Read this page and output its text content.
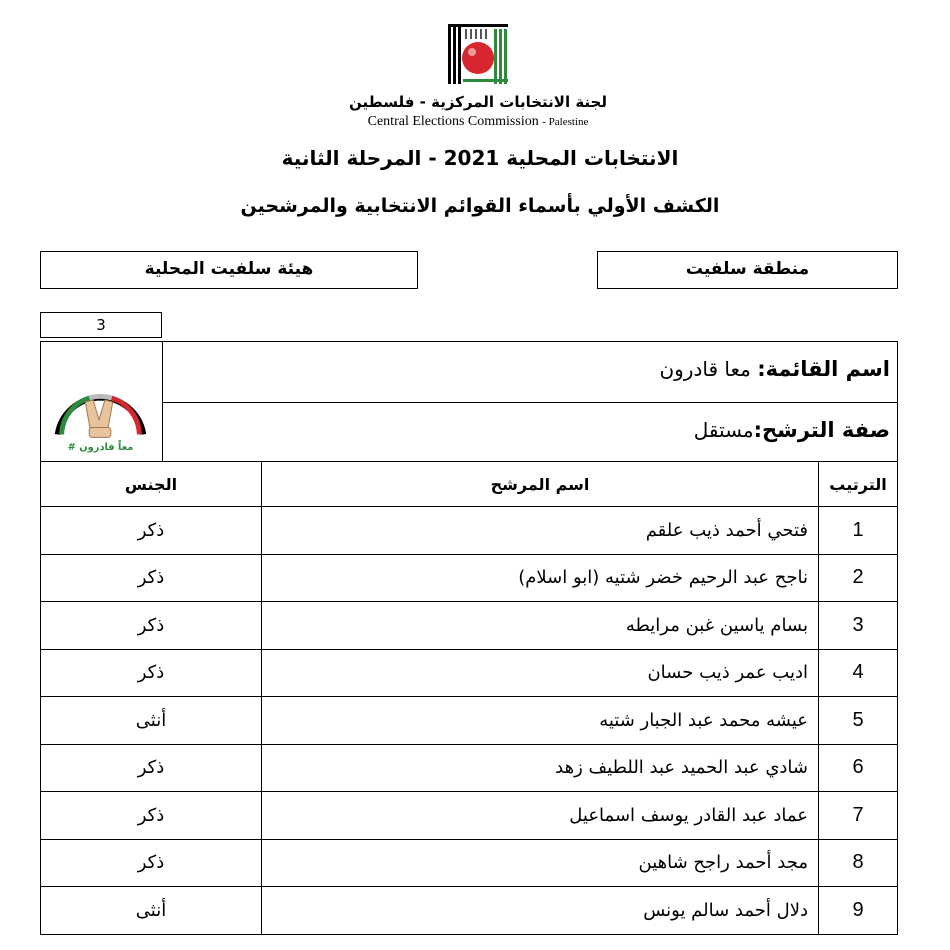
لجنة الانتخابات المركزية - فلسطين
Central Elections Commission - Palestine
الانتخابات المحلية 2021 - المرحلة الثانية
الكشف الأولي بأسماء القوائم الانتخابية والمرشحين
هيئة سلفيت المحلية	منطقة سلفيت
3
# معاً قادرون
اسم القائمة: معا قادرون
صفة الترشح:مستقل
الترتيب	اسم المرشح	الجنس
1	فتحي أحمد ذيب علقم	ذكر
2	ناجح عبد الرحيم خضر شتيه (ابو اسلام)	ذكر
3	بسام ياسين غبن مرايطه	ذكر
4	اديب عمر ذيب حسان	ذكر
5	عيشه محمد عبد الجبار شتيه	أنثى
6	شادي عبد الحميد عبد اللطيف زهد	ذكر
7	عماد عبد القادر يوسف اسماعيل	ذكر
8	مجد أحمد راجح شاهين	ذكر
9	دلال أحمد سالم يونس	أنثى
